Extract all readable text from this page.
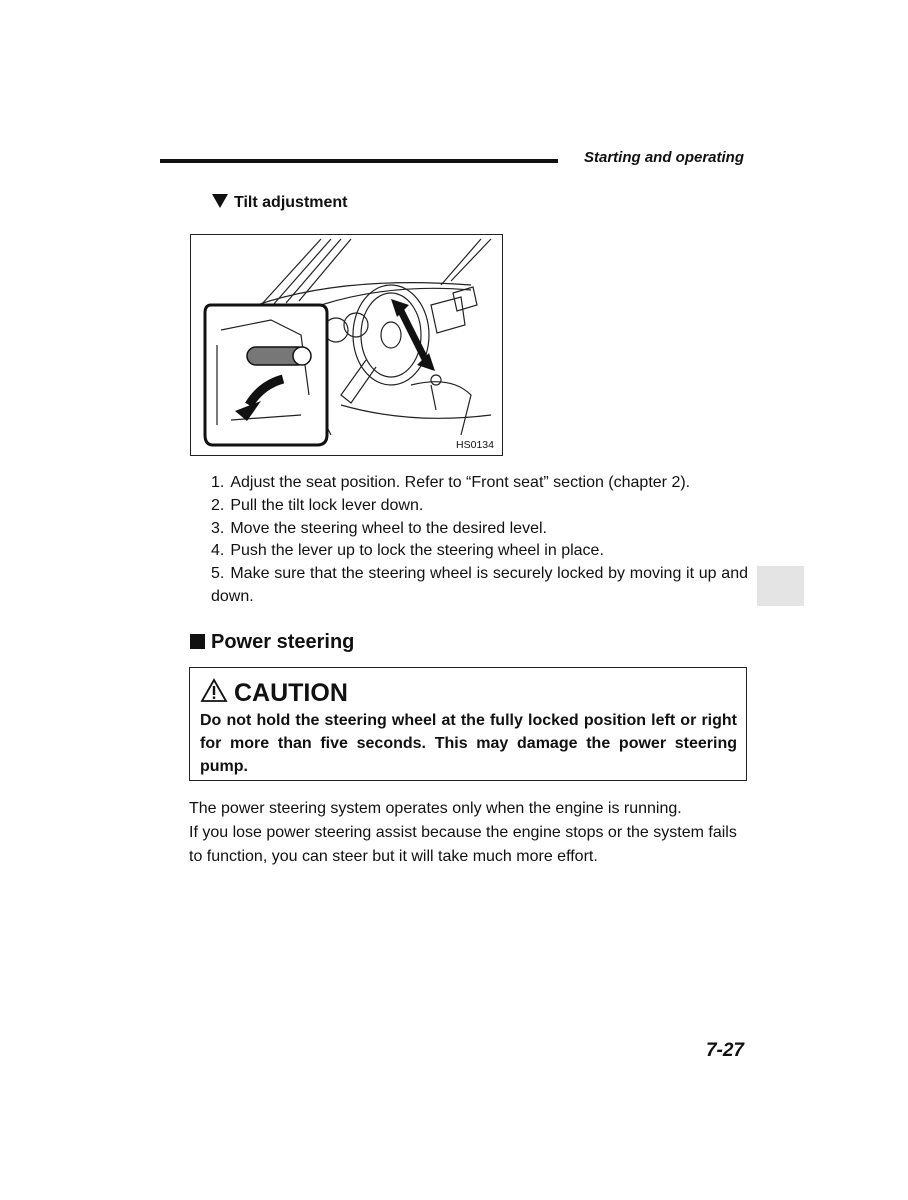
Starting and operating
Tilt adjustment
HS0134
1. Adjust the seat position. Refer to “Front seat” section (chapter 2).
2. Pull the tilt lock lever down.
3. Move the steering wheel to the desired level.
4. Push the lever up to lock the steering wheel in place.
5. Make sure that the steering wheel is securely locked by moving it up and down.
Power steering
CAUTION
Do not hold the steering wheel at the fully locked position left or right for more than five seconds. This may damage the power steering pump.

The power steering system operates only when the engine is running.

If you lose power steering assist because the engine stops or the system fails to function, you can steer but it will take much more effort.

7-27
